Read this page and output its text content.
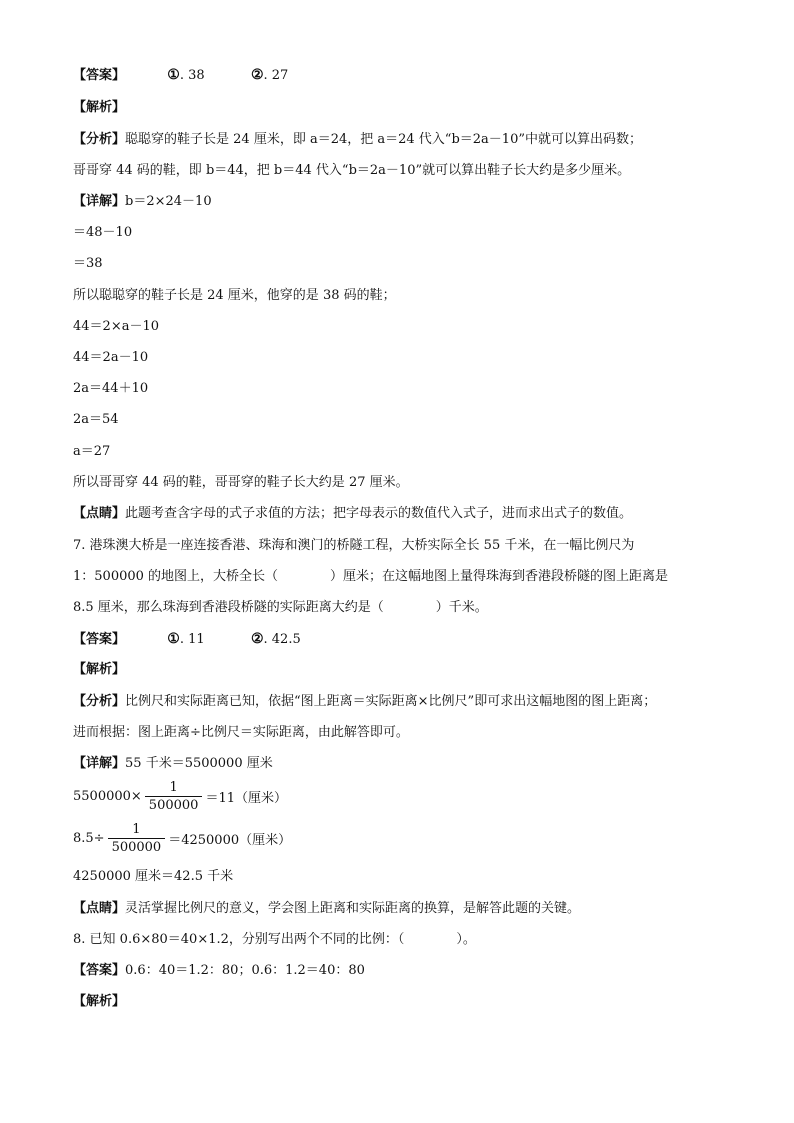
【答案】	①. 38	②. 27
【解析】
【分析】聪聪穿的鞋子长是 24 厘米，即 a＝24，把 a＝24 代入“b＝2a－10”中就可以算出码数；
哥哥穿 44 码的鞋，即 b＝44，把 b＝44 代入“b＝2a－10”就可以算出鞋子长大约是多少厘米。
【详解】b＝2×24－10
＝48－10
＝38
所以聪聪穿的鞋子长是 24 厘米，他穿的是 38 码的鞋；
44＝2×a－10
44＝2a－10
2a＝44＋10
2a＝54
a＝27
所以哥哥穿 44 码的鞋，哥哥穿的鞋子长大约是 27 厘米。
【点睛】此题考查含字母的式子求值的方法；把字母表示的数值代入式子，进而求出式子的数值。
7. 港珠澳大桥是一座连接香港、珠海和澳门的桥隧工程，大桥实际全长 55 千米，在一幅比例尺为
1：500000 的地图上，大桥全长（　　　　）厘米；在这幅地图上量得珠海到香港段桥隧的图上距离是
8.5 厘米，那么珠海到香港段桥隧的实际距离大约是（　　　　）千米。
【答案】	①. 11	②. 42.5
【解析】
【分析】比例尺和实际距离已知，依据“图上距离＝实际距离×比例尺”即可求出这幅地图的图上距离；
进而根据：图上距离÷比例尺＝实际距离，由此解答即可。
【详解】55 千米＝5500000 厘米
$5500000\times \frac{1}{500000} =11$（厘米）
$8.5\div \frac{1}{500000} =4250000$（厘米）
4250000 厘米＝42.5 千米
【点睛】灵活掌握比例尺的意义，学会图上距离和实际距离的换算，是解答此题的关键。
8. 已知 0.6×80＝40×1.2，分别写出两个不同的比例：（　　　　）。
【答案】0.6：40＝1.2：80；0.6：1.2＝40：80
【解析】
